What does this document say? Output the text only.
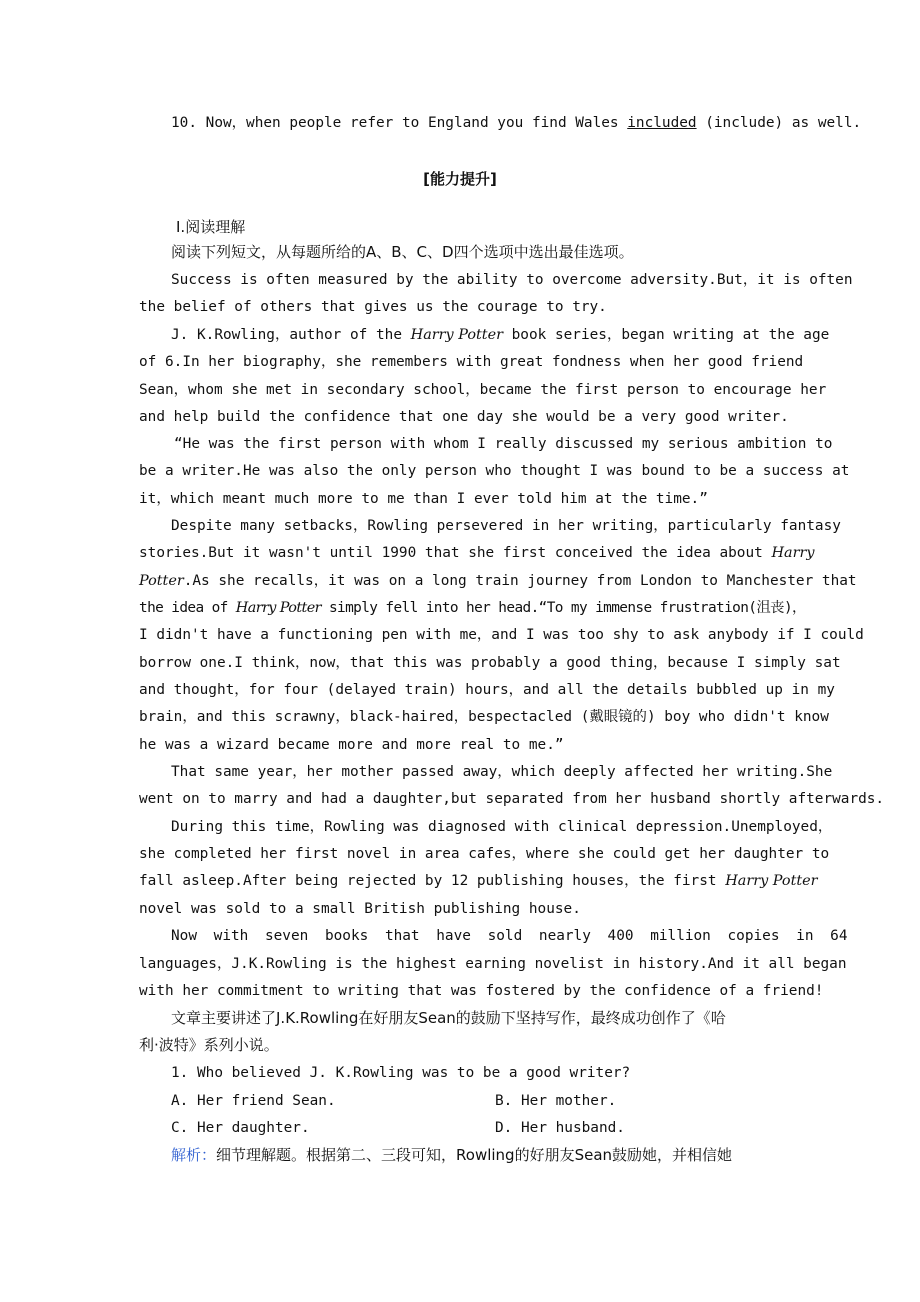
10. Now，when people refer to England you find Wales included (include) as well.
[能力提升]
Ⅰ.阅读理解
阅读下列短文，从每题所给的A、B、C、D四个选项中选出最佳选项。
Success is often measured by the ability to overcome adversity.But，it is often
the belief of others that gives us the courage to try.
J. K.Rowling，author of the Harry Potter book series，began writing at the age
of 6.In her biography，she remembers with great fondness when her good friend
Sean，whom she met in secondary school，became the first person to encourage her
and help build the confidence that one day she would be a very good writer.
“He was the first person with whom I really discussed my serious ambition to
be a writer.He was also the only person who thought I was bound to be a success at
it，which meant much more to me than I ever told him at the time.”
Despite many setbacks，Rowling persevered in her writing，particularly fantasy
stories.But it wasn't until 1990 that she first conceived the idea about Harry
Potter.As she recalls，it was on a long train journey from London to Manchester that
the idea of Harry Potter simply fell into her head.“To my immense frustration(沮丧)，
I didn't have a functioning pen with me，and I was too shy to ask anybody if I could
borrow one.I think，now，that this was probably a good thing，because I simply sat
and thought，for four (delayed train) hours，and all the details bubbled up in my
brain，and this scrawny，black-haired，bespectacled (戴眼镜的) boy who didn't know
he was a wizard became more and more real to me.”
That same year，her mother passed away，which deeply affected her writing.She
went on to marry and had a daughter,but separated from her husband shortly afterwards.
During this time，Rowling was diagnosed with clinical depression.Unemployed，
she completed her first novel in area cafes，where she could get her daughter to
fall asleep.After being rejected by 12 publishing houses，the first Harry Potter
novel was sold to a small British publishing house.
Now with seven books that have sold nearly 400 million copies in 64
languages，J.K.Rowling is the highest earning novelist in history.And it all began
with her commitment to writing that was fostered by the confidence of a friend!
文章主要讲述了J.K.Rowling在好朋友Sean的鼓励下坚持写作，最终成功创作了《哈
利·波特》系列小说。
1. Who believed J. K.Rowling was to be a good writer?
A. Her friend Sean.	B. Her mother.
C. Her daughter.	D. Her husband.
解析：细节理解题。根据第二、三段可知，Rowling的好朋友Sean鼓励她，并相信她
